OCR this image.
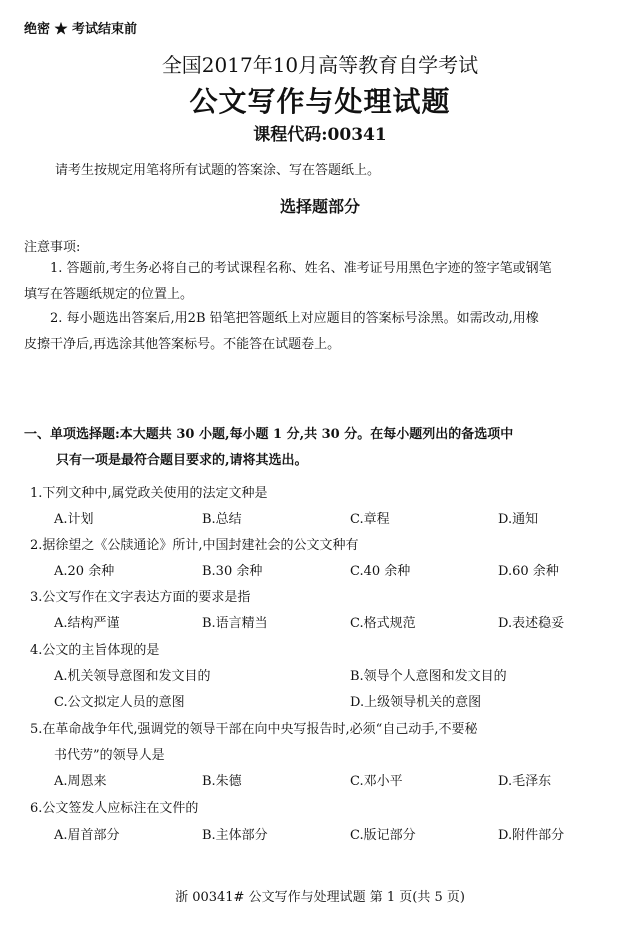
绝密 ★ 考试结束前
全国2017年10月高等教育自学考试
公文写作与处理试题
课程代码:00341
请考生按规定用笔将所有试题的答案涂、写在答题纸上。
选择题部分
注意事项:
1. 答题前,考生务必将自己的考试课程名称、姓名、准考证号用黑色字迹的签字笔或钢笔
填写在答题纸规定的位置上。
2. 每小题选出答案后,用2B 铅笔把答题纸上对应题目的答案标号涂黑。如需改动,用橡
皮擦干净后,再选涂其他答案标号。不能答在试题卷上。
一、单项选择题:本大题共 30 小题,每小题 1 分,共 30 分。在每小题列出的备选项中
只有一项是最符合题目要求的,请将其选出。
1.下列文种中,属党政关使用的法定文种是
A.计划	B.总结	C.章程	D.通知
2.据徐望之《公牍通论》所计,中国封建社会的公文文种有
A.20 余种	B.30 余种	C.40 余种	D.60 余种
3.公文写作在文字表达方面的要求是指
A.结构严谨	B.语言精当	C.格式规范	D.表述稳妥
4.公文的主旨体现的是
A.机关领导意图和发文目的	B.领导个人意图和发文目的
C.公文拟定人员的意图	D.上级领导机关的意图
5.在革命战争年代,强调党的领导干部在向中央写报告时,必须“自己动手,不要秘
书代劳”的领导人是
A.周恩来	B.朱德	C.邓小平	D.毛泽东
6.公文签发人应标注在文件的
A.眉首部分	B.主体部分	C.版记部分	D.附件部分
浙 00341# 公文写作与处理试题 第 1 页(共 5 页)
